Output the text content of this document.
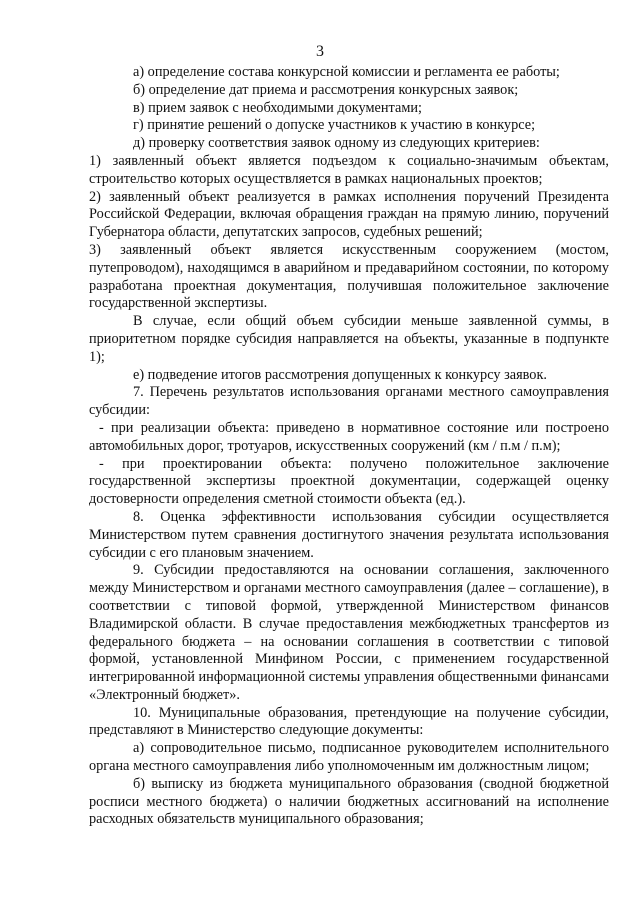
3

а) определение состава конкурсной комиссии и регламента ее работы;

б) определение дат приема и рассмотрения конкурсных заявок;

в) прием заявок с необходимыми документами;

г) принятие решений о допуске участников к участию в конкурсе;

д) проверку соответствия заявок одному из следующих критериев:

1) заявленный объект является подъездом к социально-значимым объектам, строительство которых осуществляется в рамках национальных проектов;

2) заявленный объект реализуется в рамках исполнения поручений Президента Российской Федерации, включая обращения граждан на прямую линию, поручений Губернатора области, депутатских запросов, судебных решений;

3) заявленный объект является искусственным сооружением (мостом, путепроводом), находящимся в аварийном и предаварийном состоянии, по которому разработана проектная документация, получившая положительное заключение государственной экспертизы.

В случае, если общий объем субсидии меньше заявленной суммы, в приоритетном порядке субсидия направляется на объекты, указанные в подпункте 1);

е) подведение итогов рассмотрения допущенных к конкурсу заявок.

7. Перечень результатов использования органами местного самоуправления субсидии:

- при реализации объекта: приведено в нормативное состояние или построено автомобильных дорог, тротуаров, искусственных сооружений (км / п.м / п.м);

- при проектировании объекта: получено положительное заключение государственной экспертизы проектной документации, содержащей оценку достоверности определения сметной стоимости объекта (ед.).

8. Оценка эффективности использования субсидии осуществляется Министерством путем сравнения достигнутого значения результата использования субсидии с его плановым значением.

9. Субсидии предоставляются на основании соглашения, заключенного между Министерством и органами местного самоуправления (далее – соглашение), в соответствии с типовой формой, утвержденной Министерством финансов Владимирской области. В случае предоставления межбюджетных трансфертов из федерального бюджета – на основании соглашения в соответствии с типовой формой, установленной Минфином России, с применением государственной интегрированной информационной системы управления общественными финансами «Электронный бюджет».

10. Муниципальные образования, претендующие на получение субсидии, представляют в Министерство следующие документы:

а) сопроводительное письмо, подписанное руководителем исполнительного органа местного самоуправления либо уполномоченным им должностным лицом;

б) выписку из бюджета муниципального образования (сводной бюджетной росписи местного бюджета) о наличии бюджетных ассигнований на исполнение расходных обязательств муниципального образования;
